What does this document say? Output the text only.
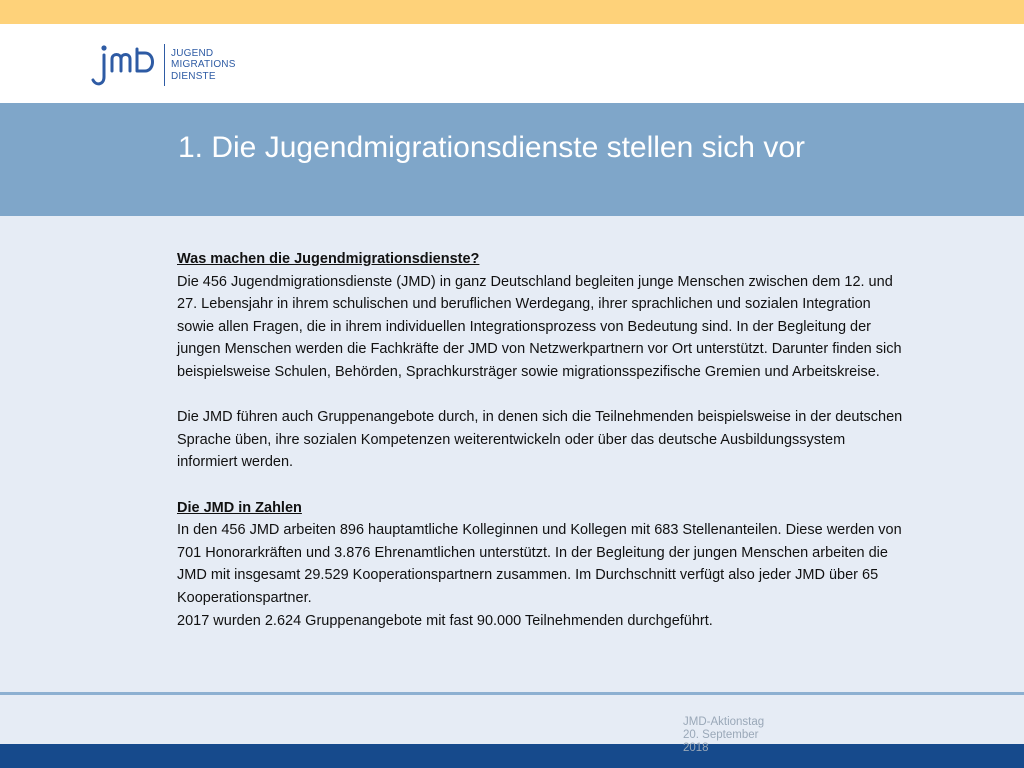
JUGEND
MIGRATIONS
DIENSTE
1. Die Jugendmigrationsdienste stellen sich vor

Was machen die Jugendmigrationsdienste?

Die 456 Jugendmigrationsdienste (JMD) in ganz Deutschland begleiten junge Menschen zwischen dem 12. und

27. Lebensjahr in ihrem schulischen und beruflichen Werdegang, ihrer sprachlichen und sozialen Integration

sowie allen Fragen, die in ihrem individuellen Integrationsprozess von Bedeutung sind. In der Begleitung der

jungen Menschen werden die Fachkräfte der JMD von Netzwerkpartnern vor Ort unterstützt. Darunter finden sich

beispielsweise Schulen, Behörden, Sprachkursträger sowie migrationsspezifische Gremien und Arbeitskreise.

Die JMD führen auch Gruppenangebote durch, in denen sich die Teilnehmenden beispielsweise in der deutschen

Sprache üben, ihre sozialen Kompetenzen weiterentwickeln oder über das deutsche Ausbildungssystem

informiert werden.

Die JMD in Zahlen

In den 456 JMD arbeiten 896 hauptamtliche Kolleginnen und Kollegen mit 683 Stellenanteilen. Diese werden von

701 Honorarkräften und 3.876 Ehrenamtlichen unterstützt. In der Begleitung der jungen Menschen arbeiten die

JMD mit insgesamt 29.529 Kooperationspartnern zusammen. Im Durchschnitt verfügt also jeder JMD über 65

Kooperationspartner.

2017 wurden 2.624 Gruppenangebote mit fast 90.000 Teilnehmenden durchgeführt.

JMD-Aktionstag
20. September
2018
